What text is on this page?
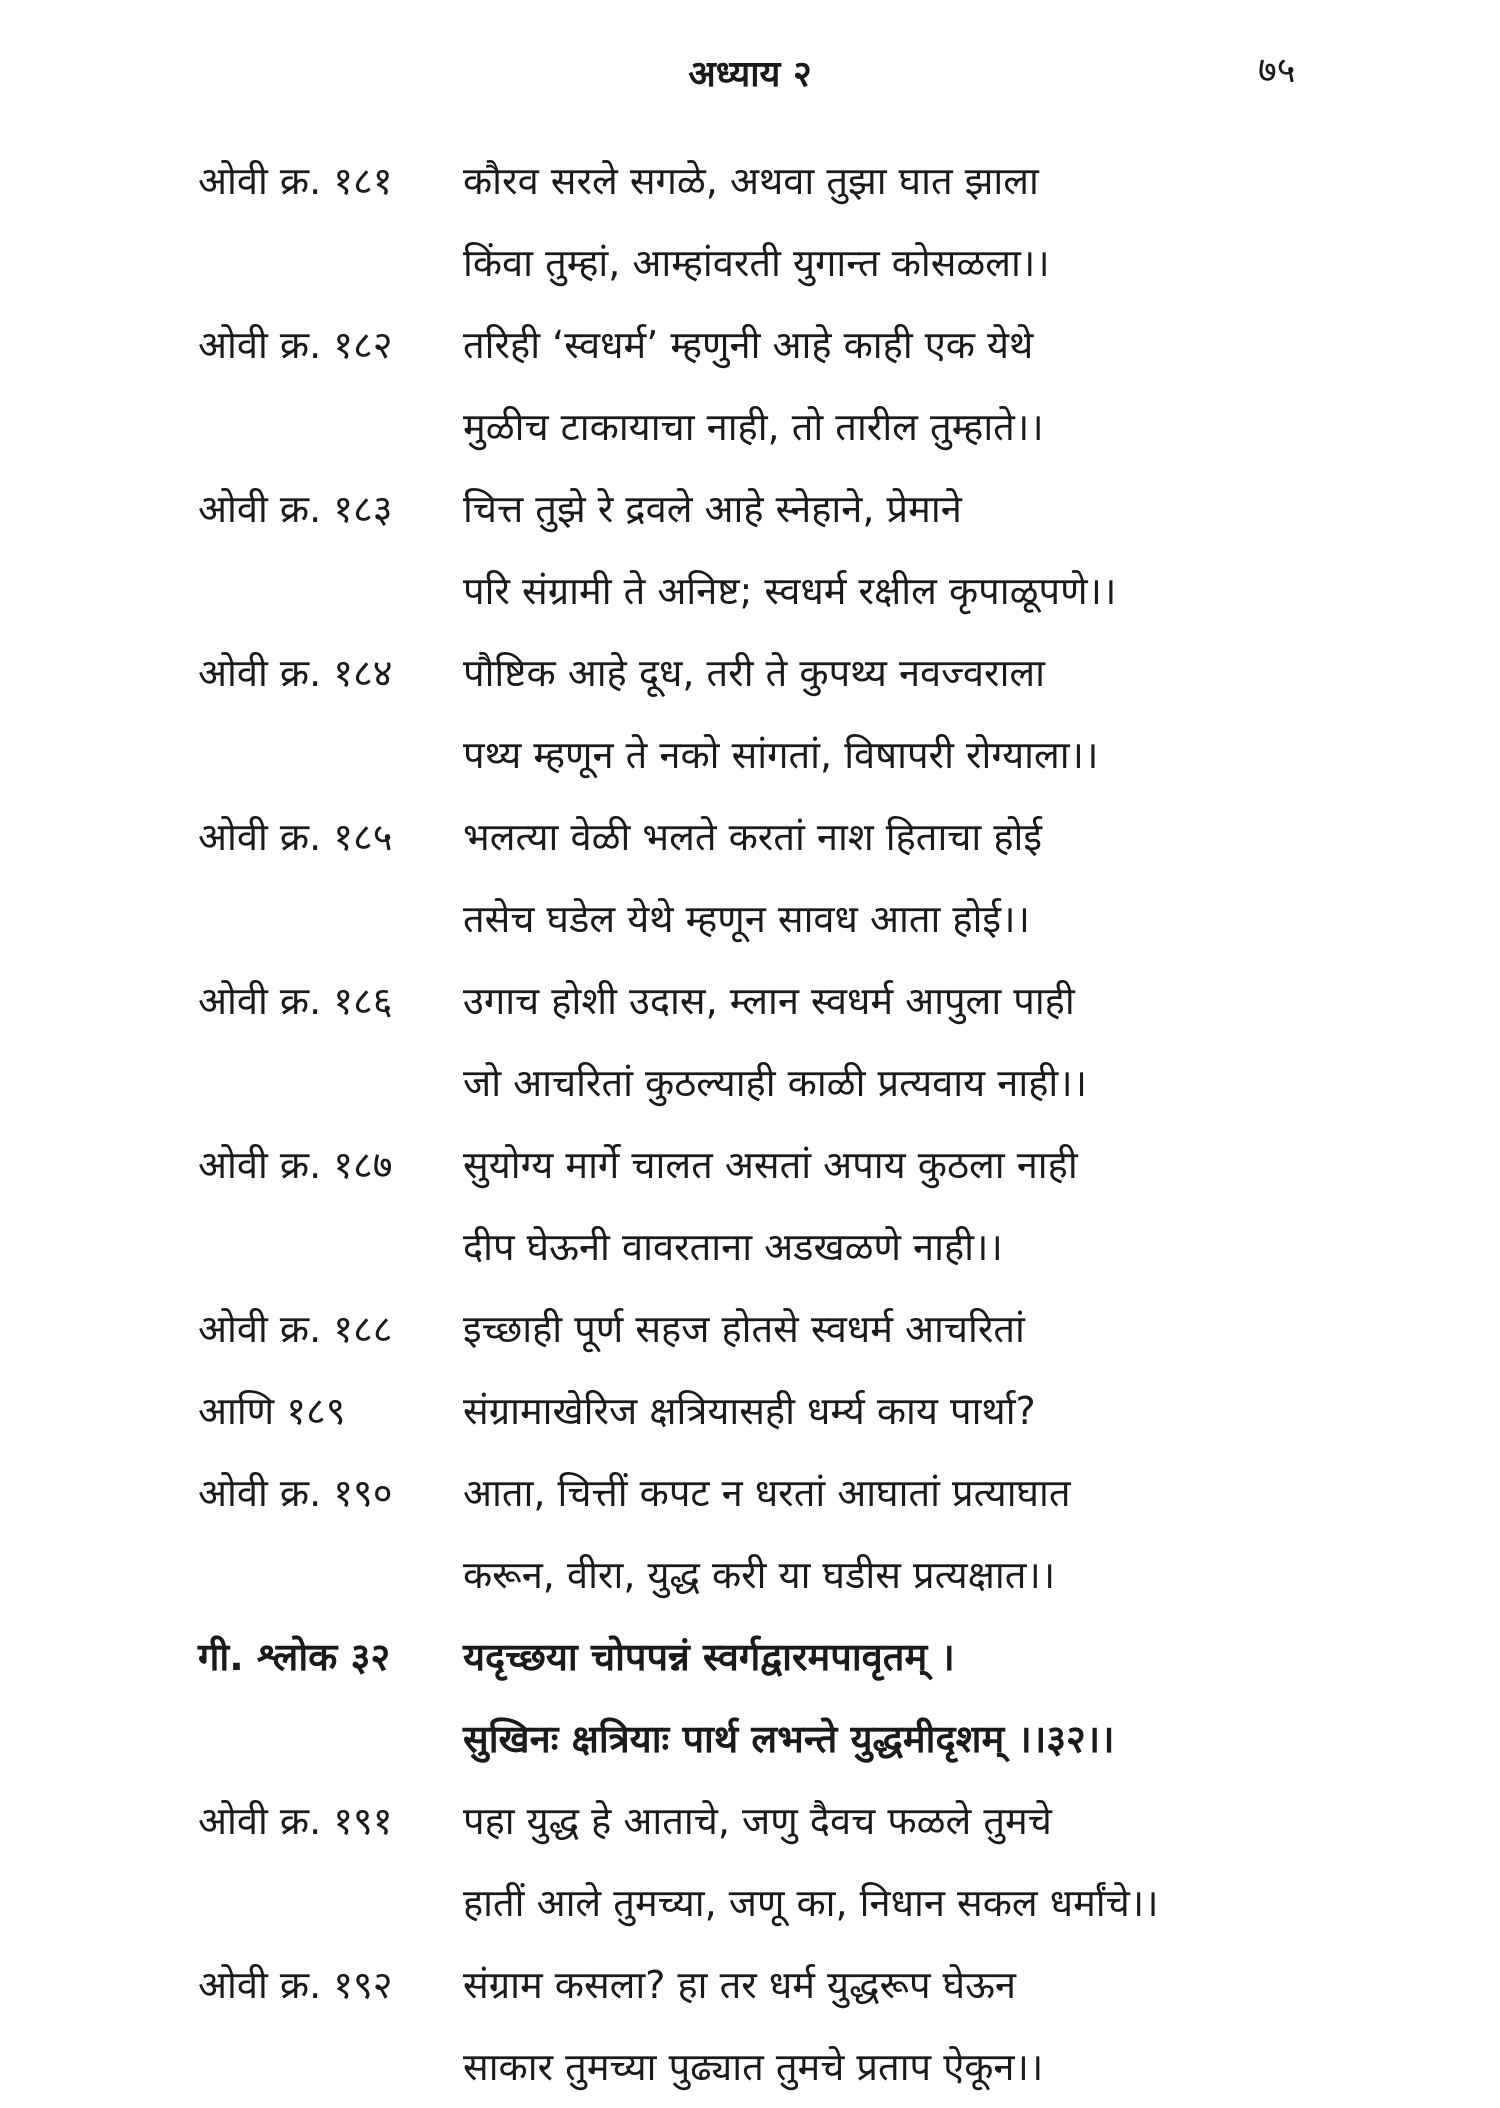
अध्याय २	७५
ओवी क्र. १८१	कौरव सरले सगळे, अथवा तुझा घात झाला
किंवा तुम्हां, आम्हांवरती युगान्त कोसळला।।
ओवी क्र. १८२	तरिही ‘स्वधर्म’ म्हणुनी आहे काही एक येथे
मुळीच टाकायाचा नाही, तो तारील तुम्हाते।।
ओवी क्र. १८३	चित्त तुझे रे द्रवले आहे स्नेहाने, प्रेमाने
परि संग्रामी ते अनिष्ट; स्वधर्म रक्षील कृपाळूपणे।।
ओवी क्र. १८४	पौष्टिक आहे दूध, तरी ते कुपथ्य नवज्वराला
पथ्य म्हणून ते नको सांगतां, विषापरी रोग्याला।।
ओवी क्र. १८५	भलत्या वेळी भलते करतां नाश हिताचा होई
तसेच घडेल येथे म्हणून सावध आता होई।।
ओवी क्र. १८६	उगाच होशी उदास, म्लान स्वधर्म आपुला पाही
जो आचरितां कुठल्याही काळी प्रत्यवाय नाही।।
ओवी क्र. १८७	सुयोग्य मार्गे चालत असतां अपाय कुठला नाही
दीप घेऊनी वावरताना अडखळणे नाही।।
ओवी क्र. १८८	इच्छाही पूर्ण सहज होतसे स्वधर्म आचरितां
आणि १८९	संग्रामाखेरिज क्षत्रियासही धर्म्य काय पार्था?
ओवी क्र. १९०	आता, चित्तीं कपट न धरतां आघातां प्रत्याघात
करून, वीरा, युद्ध करी या घडीस प्रत्यक्षात।।
गी. श्लोक ३२	यदृच्छया चोपपन्नं स्वर्गद्वारमपावृतम् ।
सुखिनः क्षत्रियाः पार्थ लभन्ते युद्धमीदृशम् ।।३२।।
ओवी क्र. १९१	पहा युद्ध हे आताचे, जणु दैवच फळले तुमचे
हातीं आले तुमच्या, जणू का, निधान सकल धर्मांचे।।
ओवी क्र. १९२	संग्राम कसला? हा तर धर्म युद्धरूप घेऊन
साकार तुमच्या पुढ्यात तुमचे प्रताप ऐकून।।
